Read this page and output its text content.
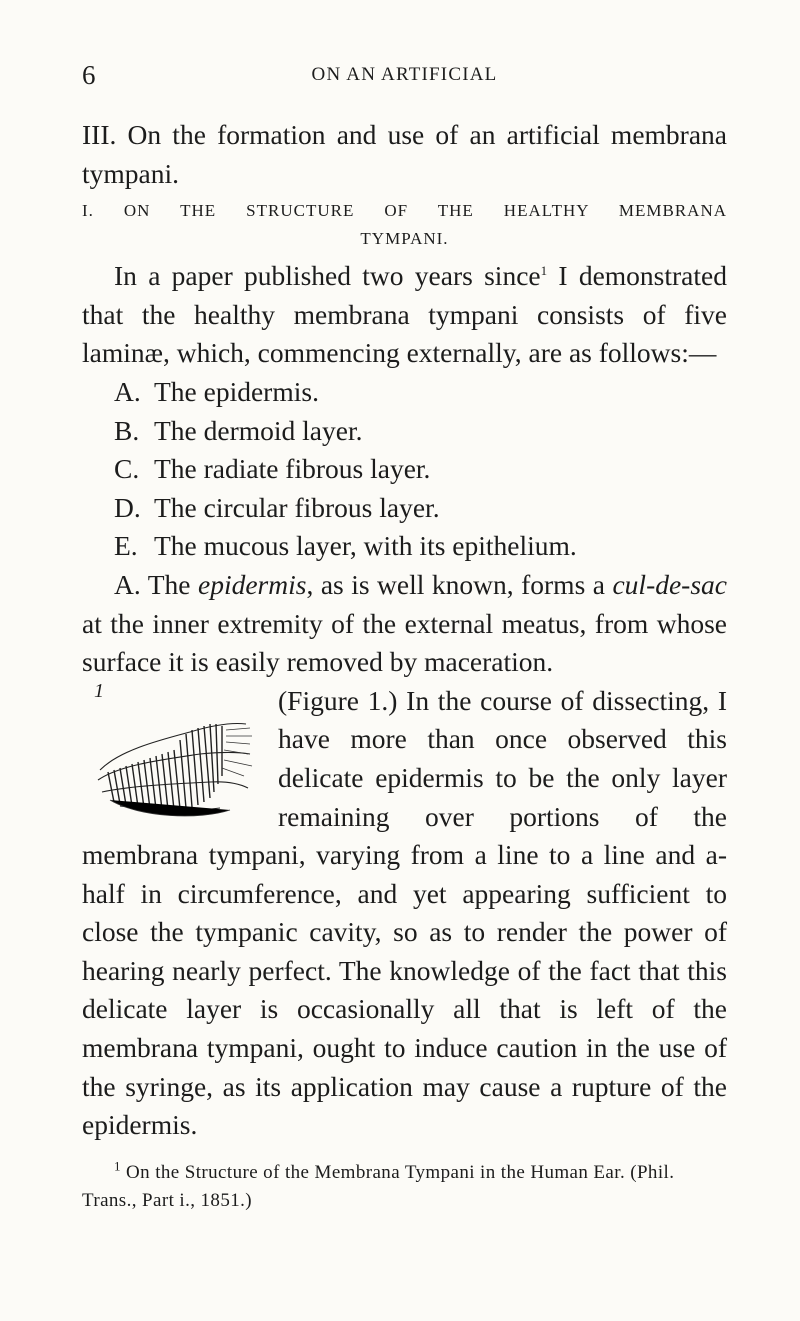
6	ON AN ARTIFICIAL

III. On the formation and use of an artificial membrana tympani.

I. ON THE STRUCTURE OF THE HEALTHY MEMBRANA
TYMPANI.

In a paper published two years since$^1$ I demonstrated that the healthy membrana tympani consists of five laminæ, which, commencing externally, are as follows:—

A. The epidermis.
B. The dermoid layer.
C. The radiate fibrous layer.
D. The circular fibrous layer.
E. The mucous layer, with its epithelium.

A. The epidermis, as is well known, forms a cul-de-sac at the inner extremity of the external meatus, from whose surface it is easily removed by maceration.

1	(Figure 1.) In the course of dissecting, I have more than once observed this delicate epidermis to be the only layer remaining over portions of the membrana tympani, varying from a line to a line and a-half in circumference, and yet appearing sufficient to close the tympanic cavity, so as to render the power of hearing nearly perfect. The knowledge of the fact that this delicate layer is occasionally all that is left of the membrana tympani, ought to induce caution in the use of the syringe, as its application may cause a rupture of the epidermis.

$^1$ On the Structure of the Membrana Tympani in the Human Ear. (Phil. Trans., Part i., 1851.)
